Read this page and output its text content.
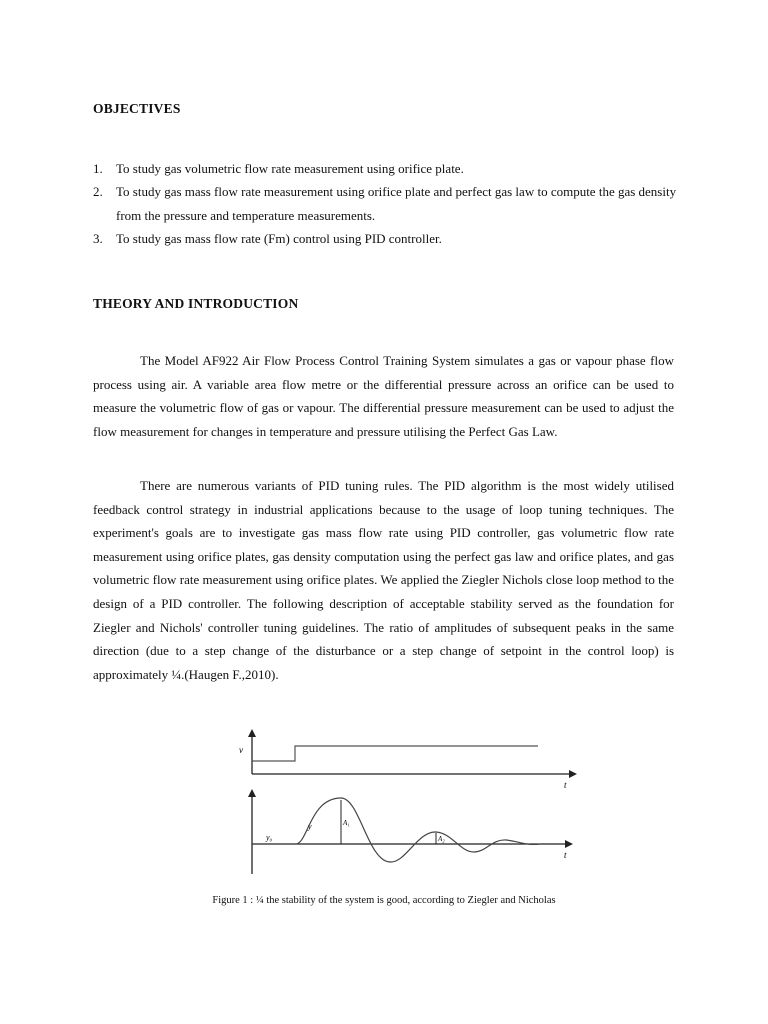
OBJECTIVES
1. To study gas volumetric flow rate measurement using orifice plate.
2. To study gas mass flow rate measurement using orifice plate and perfect gas law to compute the gas density from the pressure and temperature measurements.
3. To study gas mass flow rate (Fm) control using PID controller.
THEORY AND INTRODUCTION

The Model AF922 Air Flow Process Control Training System simulates a gas or vapour phase flow process using air. A variable area flow metre or the differential pressure across an orifice can be used to measure the volumetric flow of gas or vapour. The differential pressure measurement can be used to adjust the flow measurement for changes in temperature and pressure utilising the Perfect Gas Law.

There are numerous variants of PID tuning rules. The PID algorithm is the most widely utilised feedback control strategy in industrial applications because to the usage of loop tuning techniques. The experiment's goals are to investigate gas mass flow rate using PID controller, gas volumetric flow rate measurement using orifice plates, gas density computation using the perfect gas law and orifice plates, and gas volumetric flow rate measurement using orifice plates. We applied the Ziegler Nichols close loop method to the design of a PID controller. The following description of acceptable stability served as the foundation for Ziegler and Nichols' controller tuning guidelines. The ratio of amplitudes of subsequent peaks in the same direction (due to a step change of the disturbance or a step change of setpoint in the control loop) is approximately ¼.(Haugen F.,2010).

v
t
y₀
y	A₁
A₂
t

Figure 1 : ¼ the stability of the system is good, according to Ziegler and Nicholas
